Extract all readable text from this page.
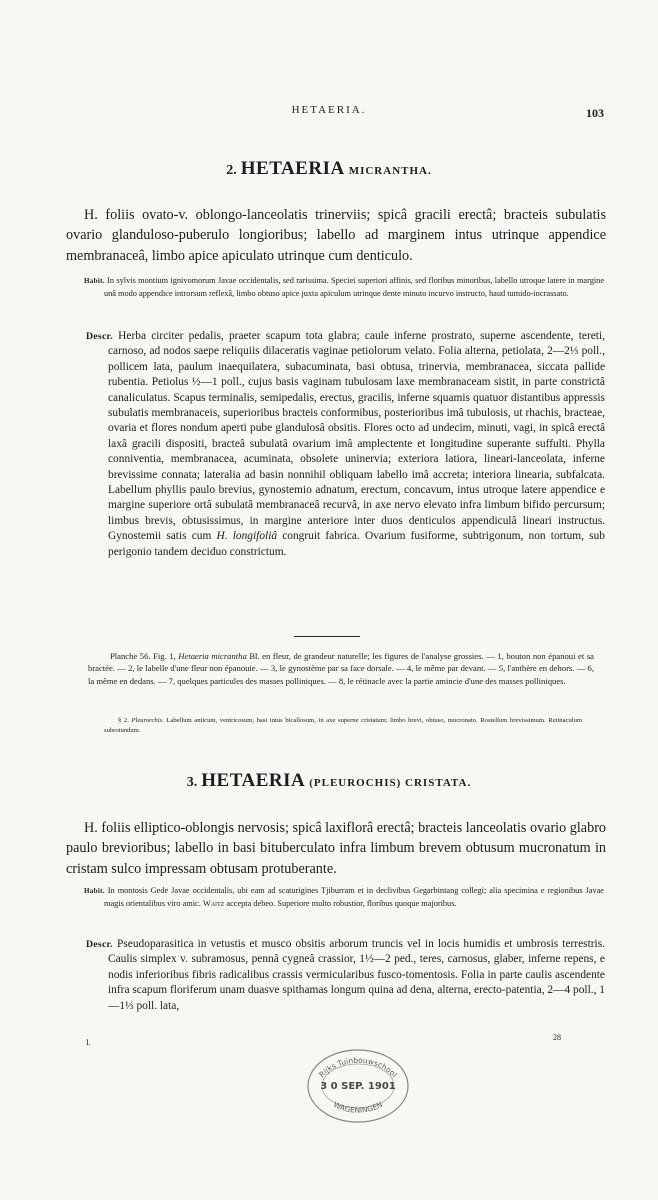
HETAERIA.	103
2. HETAERIA MICRANTHA.
H. foliis ovato-v. oblongo-lanceolatis trinerviis; spicâ gracili erectâ; bracteis subulatis ovario glanduloso-puberulo longioribus; labello ad marginem intus utrinque appendice membranaceâ, limbo apice apiculato utrinque cum denticulo.
Habit. In sylvis montium ignivomorum Javae occidentalis, sed rarissima. Speciei superiori affinis, sed floribus minoribus, labello utroque latere in margine unâ modo appendice introrsum reflexâ, limbo obtuso apice juxta apiculum utrinque dente minuto incurvo instructo, haud tumido-incrassato.
Descr. Herba circiter pedalis, praeter scapum tota glabra; caule inferne prostrato, superne ascendente, tereti, carnoso, ad nodos saepe reliquiis dilaceratis vaginae petiolorum velato. Folia alterna, petiolata, 2—2⅓ poll., pollicem lata, paulum inaequilatera, subacuminata, basi obtusa, trinervia, membranacea, siccata pallide rubentia. Petiolus ½—1 poll., cujus basis vaginam tubulosam laxe membranaceam sistit, in parte constrictâ canaliculatus. Scapus terminalis, semipedalis, erectus, gracilis, inferne squamis quatuor distantibus appressis subulatis membranaceis, superioribus bracteis conformibus, posterioribus imâ tubulosis, ut rhachis, bracteae, ovaria et flores nondum aperti pube glandulosâ obsitis. Flores octo ad undecim, minuti, vagi, in spicâ erectâ laxâ gracili dispositi, bracteâ subulatâ ovarium imâ amplectente et longitudine superante suffulti. Phylla conniventia, membranacea, acuminata, obsolete uninervia; exteriora latiora, lineari-lanceolata, inferne brevissime connata; lateralia ad basin nonnihil obliquam labello imâ accreta; interiora linearia, subfalcata. Labellum phyllis paulo brevius, gynostemio adnatum, erectum, concavum, intus utroque latere appendice e margine superiore ortâ subulatâ membranaceâ recurvâ, in axe nervo elevato infra limbum bifido percursum; limbus brevis, obtusissimus, in margine anteriore inter duos denticulos appendiculâ lineari instructus. Gynostemii satis cum H. longifoliâ congruit fabrica. Ovarium fusiforme, subtrigonum, non tortum, sub perigonio tandem deciduo constrictum.
Planche 56. Fig. 1, Hetaeria micrantha Bl. en fleur, de grandeur naturelle; les figures de l'analyse grossies. — 1, bouton non épanoui et sa bractée. — 2, le labelle d'une fleur non épanouie. — 3, le gynostème par sa face dorsale. — 4, le même par devant. — 5, l'anthère en dehors. — 6, la même en dedans. — 7, quelques particules des masses polliniques. — 8, le rétinacle avec la partie amincie d'une des masses polliniques.
§ 2. Pleurorchis. Labellum anticum, ventricosum, basi intus bicallosum, in axe superne cristatum; limbo brevi, obtuso, mucronato. Rostellum brevissimum. Retinaculum subrotundum.
3. HETAERIA (PLEUROCHIS) CRISTATA.
H. foliis elliptico-oblongis nervosis; spicâ laxiflorâ erectâ; bracteis lanceolatis ovario glabro paulo brevioribus; labello in basi bituberculato infra limbum brevem obtusum mucronatum in cristam sulco impressam obtusam protuberante.
Habit. In montosis Gede Javae occidentalis, ubi eam ad scaturigines Tjiburram et in declivibus Gegarbintang collegi; alia specimina e regionibus Javae magis orientalibus viro amic. Waitz accepta debeo. Superiore multo robustior, floribus quoque majoribus.
Descr. Pseudoparasitica in vetustis et musco obsitis arborum truncis vel in locis humidis et umbrosis terrestris. Caulis simplex v. subramosus, pennâ cygneâ crassior, 1½—2 ped., teres, carnosus, glaber, inferne repens, e nodis inferioribus fibris radicalibus crassis vermicularibus fusco-tomentosis. Folia in parte caulis ascendente infra scapum floriferum unam duasve spithamas longum quina ad dena, alterna, erecto-patentia, 2—4 poll., 1—1⅓ poll. lata,
I.
28
Rijks Tuinbouwschool
3 0 SEP. 1901
WAGENINGEN
